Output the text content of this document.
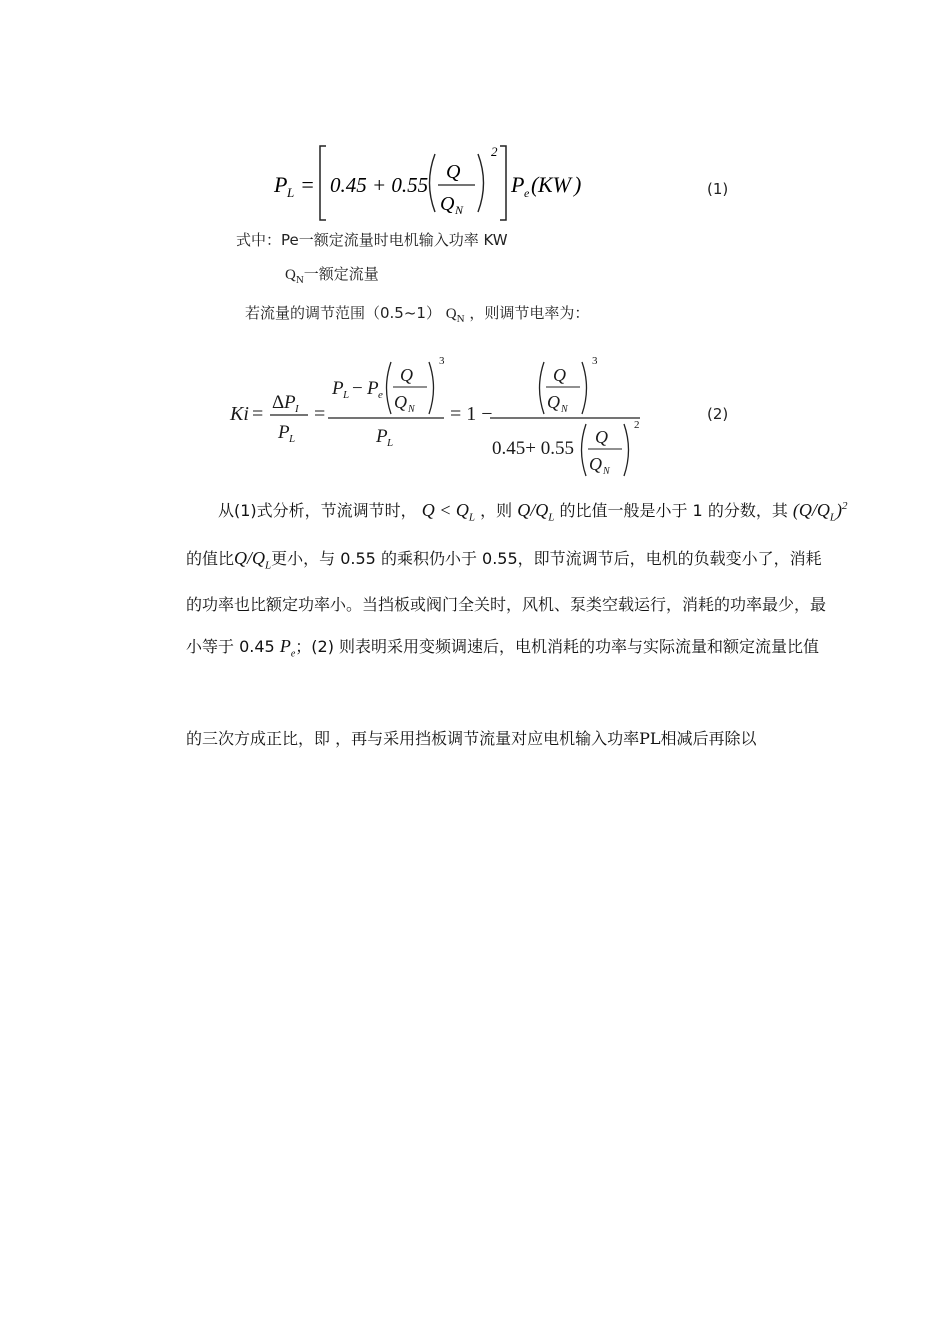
P L = 0.45 + 0.55
Q
Q N
2
P e ( KW )	(1)
式中：Pe一额定流量时电机输入功率 KW
$Q_N$一额定流量
若流量的调节范围（0.5~1） $Q_N$ ，则调节电率为：
Ki =
Δ P I
P L
=
P L − P e
Q
Q N
3
P L
= 1 −
Q
Q N
3
0.45+ 0.55
Q
Q N
2
(2)
从(1)式分析，节流调节时， $Q < Q_L$ ，则 $Q/Q_L$ 的比值一般是小于 1 的分数，其 $(Q/Q_L)^2$
的值比$Q/Q_L$更小，与 0.55 的乘积仍小于 0.55，即节流调节后，电机的负载变小了，消耗
的功率也比额定功率小。当挡板或阀门全关时，风机、泵类空载运行，消耗的功率最少，最
小等于 0.45 $P_e$；(2) 则表明采用变频调速后，电机消耗的功率与实际流量和额定流量比值
的三次方成正比，即 ，再与采用挡板调节流量对应电机输入功率PL相减后再除以
